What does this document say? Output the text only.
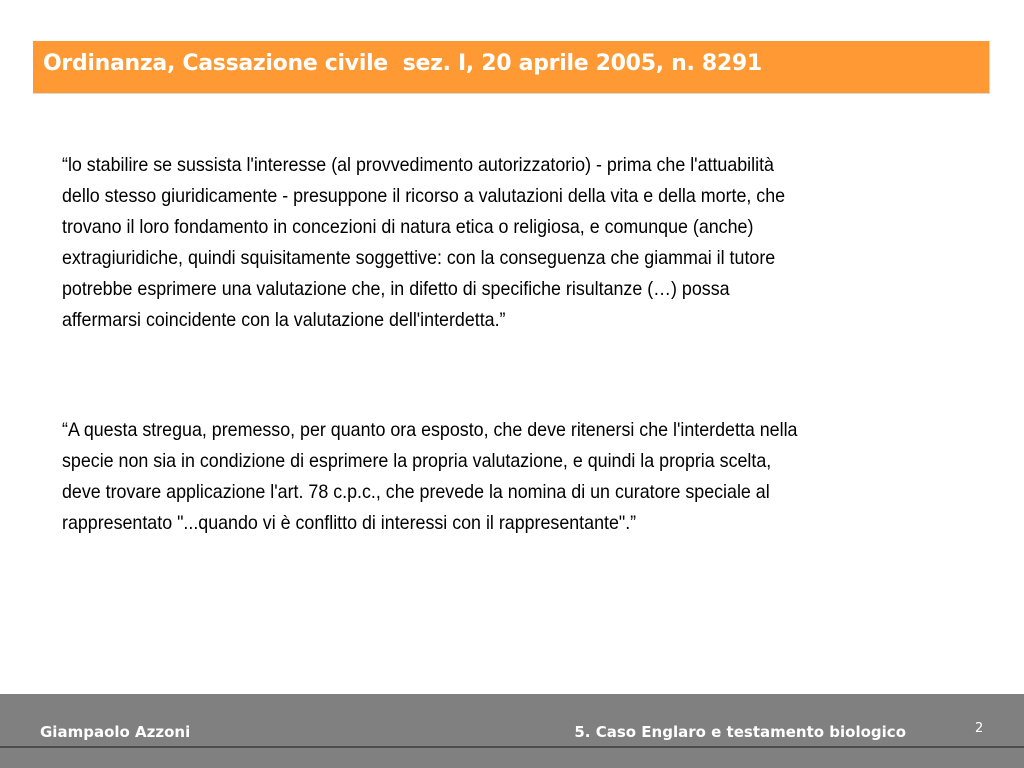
Ordinanza, Cassazione civile  sez. I, 20 aprile 2005, n. 8291
“lo stabilire se sussista l'interesse (al provvedimento autorizzatorio) - prima che l'attuabilità
dello stesso giuridicamente - presuppone il ricorso a valutazioni della vita e della morte, che
trovano il loro fondamento in concezioni di natura etica o religiosa, e comunque (anche)
extragiuridiche, quindi squisitamente soggettive: con la conseguenza che giammai il tutore
potrebbe esprimere una valutazione che, in difetto di specifiche risultanze (…) possa
affermarsi coincidente con la valutazione dell'interdetta.”
“A questa stregua, premesso, per quanto ora esposto, che deve ritenersi che l'interdetta nella
specie non sia in condizione di esprimere la propria valutazione, e quindi la propria scelta,
deve trovare applicazione l'art. 78 c.p.c., che prevede la nomina di un curatore speciale al
rappresentato "...quando vi è conflitto di interessi con il rappresentante".”
Giampaolo Azzoni	5. Caso Englaro e testamento biologico	2
